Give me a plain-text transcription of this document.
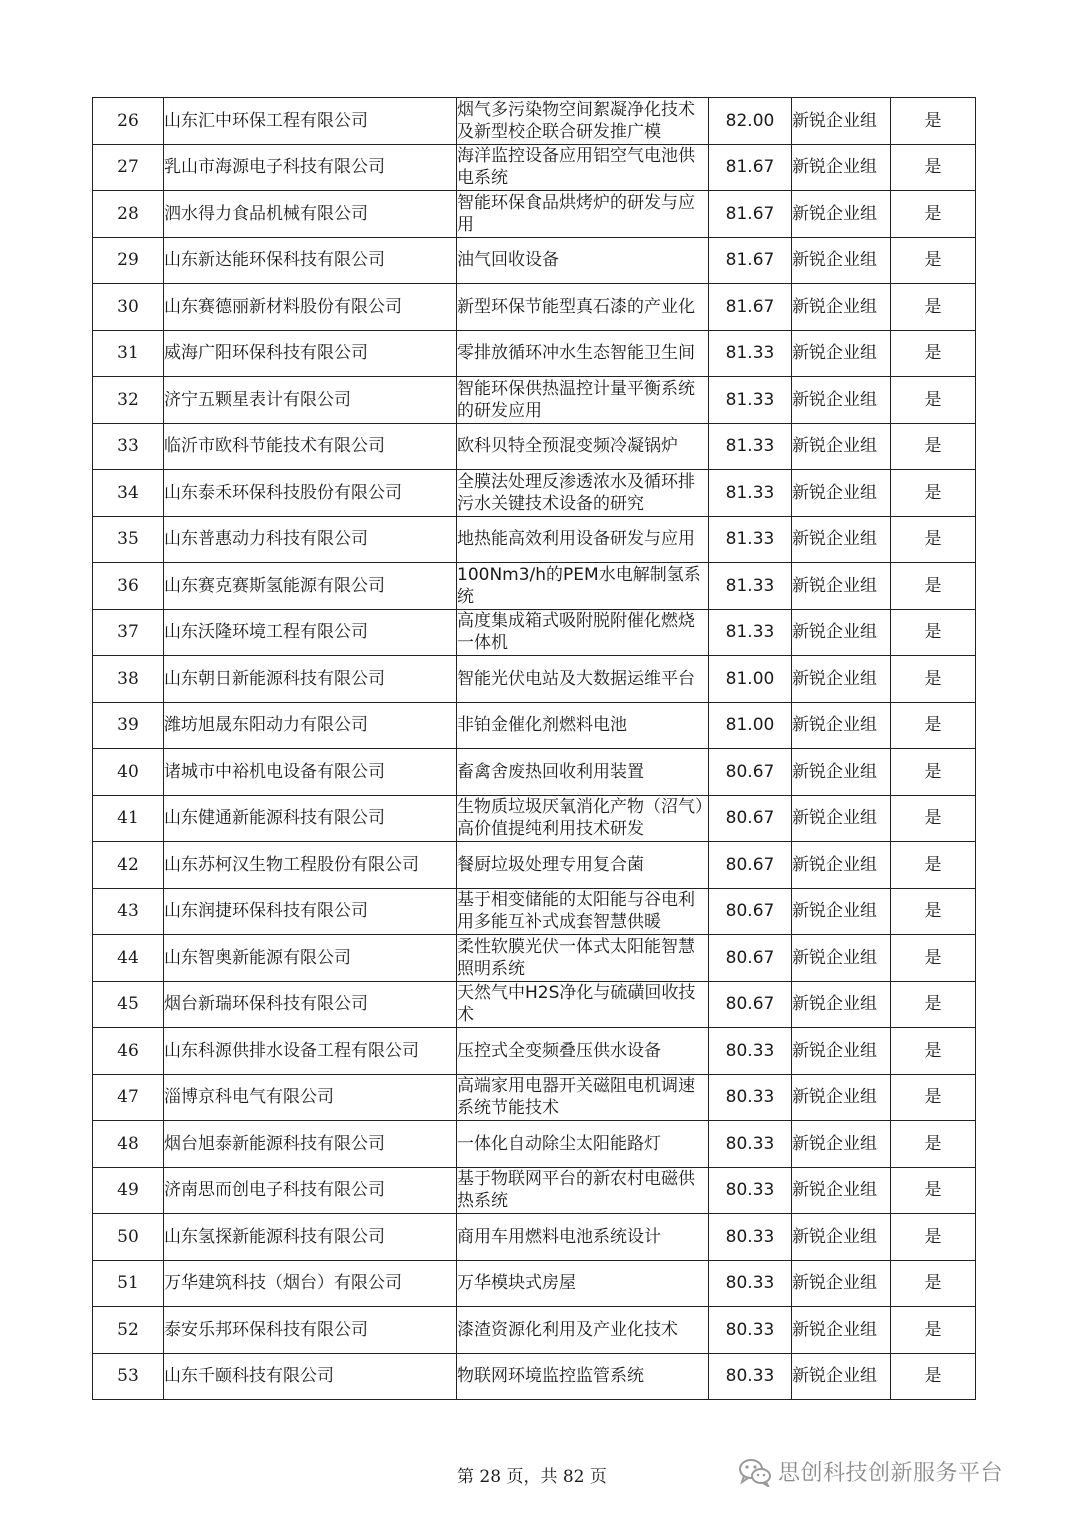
26	山东汇中环保工程有限公司	烟气多污染物空间絮凝净化技术及新型校企联合研发推广模	82.00	新锐企业组	是
27	乳山市海源电子科技有限公司	海洋监控设备应用铝空气电池供电系统	81.67	新锐企业组	是
28	泗水得力食品机械有限公司	智能环保食品烘烤炉的研发与应用	81.67	新锐企业组	是
29	山东新达能环保科技有限公司	油气回收设备	81.67	新锐企业组	是
30	山东赛德丽新材料股份有限公司	新型环保节能型真石漆的产业化	81.67	新锐企业组	是
31	威海广阳环保科技有限公司	零排放循环冲水生态智能卫生间	81.33	新锐企业组	是
32	济宁五颗星表计有限公司	智能环保供热温控计量平衡系统的研发应用	81.33	新锐企业组	是
33	临沂市欧科节能技术有限公司	欧科贝特全预混变频冷凝锅炉	81.33	新锐企业组	是
34	山东泰禾环保科技股份有限公司	全膜法处理反渗透浓水及循环排污水关键技术设备的研究	81.33	新锐企业组	是
35	山东普惠动力科技有限公司	地热能高效利用设备研发与应用	81.33	新锐企业组	是
36	山东赛克赛斯氢能源有限公司	100Nm3/h的PEM水电解制氢系统	81.33	新锐企业组	是
37	山东沃隆环境工程有限公司	高度集成箱式吸附脱附催化燃烧一体机	81.33	新锐企业组	是
38	山东朝日新能源科技有限公司	智能光伏电站及大数据运维平台	81.00	新锐企业组	是
39	潍坊旭晟东阳动力有限公司	非铂金催化剂燃料电池	81.00	新锐企业组	是
40	诸城市中裕机电设备有限公司	畜禽舍废热回收利用装置	80.67	新锐企业组	是
41	山东健通新能源科技有限公司	生物质垃圾厌氧消化产物（沼气）高价值提纯利用技术研发	80.67	新锐企业组	是
42	山东苏柯汉生物工程股份有限公司	餐厨垃圾处理专用复合菌	80.67	新锐企业组	是
43	山东润捷环保科技有限公司	基于相变储能的太阳能与谷电利用多能互补式成套智慧供暖	80.67	新锐企业组	是
44	山东智奥新能源有限公司	柔性软膜光伏一体式太阳能智慧照明系统	80.67	新锐企业组	是
45	烟台新瑞环保科技有限公司	天然气中H2S净化与硫磺回收技术	80.67	新锐企业组	是
46	山东科源供排水设备工程有限公司	压控式全变频叠压供水设备	80.33	新锐企业组	是
47	淄博京科电气有限公司	高端家用电器开关磁阻电机调速系统节能技术	80.33	新锐企业组	是
48	烟台旭泰新能源科技有限公司	一体化自动除尘太阳能路灯	80.33	新锐企业组	是
49	济南思而创电子科技有限公司	基于物联网平台的新农村电磁供热系统	80.33	新锐企业组	是
50	山东氢探新能源科技有限公司	商用车用燃料电池系统设计	80.33	新锐企业组	是
51	万华建筑科技（烟台）有限公司	万华模块式房屋	80.33	新锐企业组	是
52	泰安乐邦环保科技有限公司	漆渣资源化利用及产业化技术	80.33	新锐企业组	是
53	山东千颐科技有限公司	物联网环境监控监管系统	80.33	新锐企业组	是
第 28 页，共 82 页	思创科技创新服务平台
